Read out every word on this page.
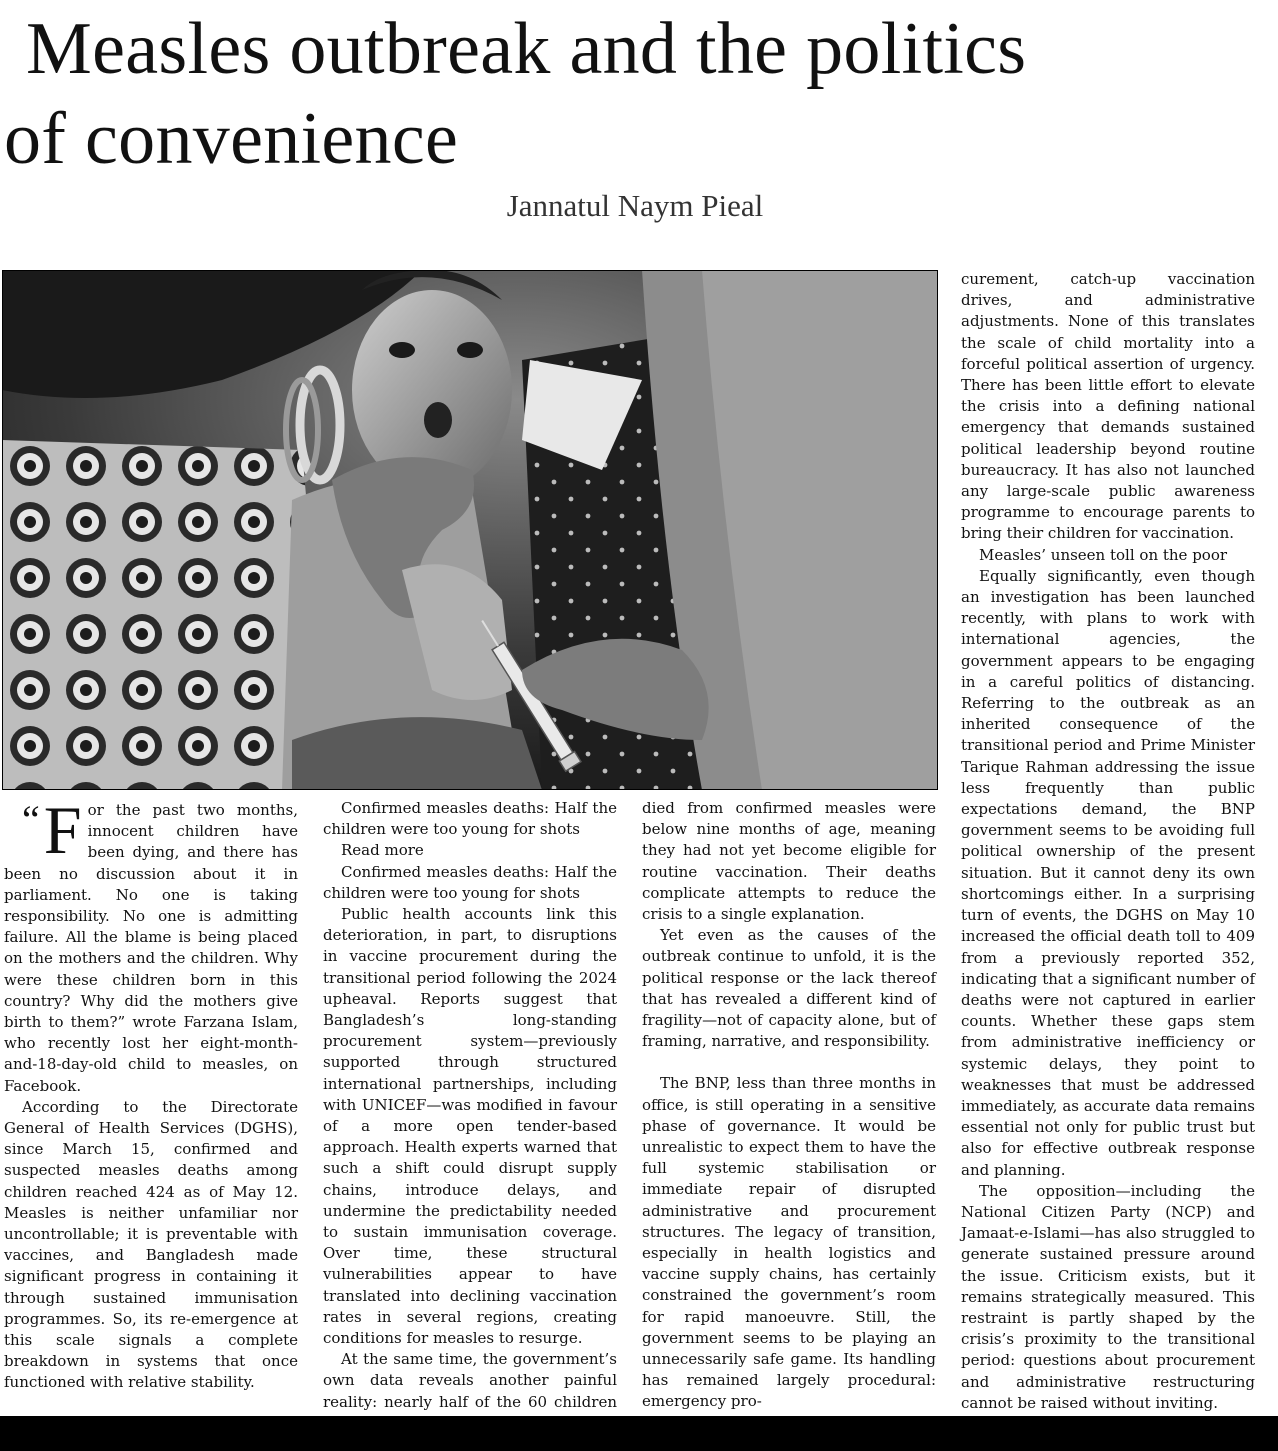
Measles outbreak and the politics
of convenience
Jannatul Naym Pieal

“ F or the past two months, innocent children have been dying, and there has been no discussion about it in parliament. No one is taking responsibility. No one is admitting failure. All the blame is being placed on the mothers and the children. Why were these children born in this country? Why did the mothers give birth to them?” wrote Farzana Islam, who recently lost her eight-month-and-18-day-old child to measles, on Facebook.

According to the Directorate General of Health Services (DGHS), since March 15, confirmed and suspected measles deaths among children reached 424 as of May 12. Measles is neither unfamiliar nor uncontrollable; it is preventable with vaccines, and Bangladesh made significant progress in containing it through sustained immunisation programmes. So, its re-emergence at this scale signals a complete breakdown in systems that once functioned with relative stability.

Confirmed measles deaths: Half the children were too young for shots

Read more

Confirmed measles deaths: Half the children were too young for shots

Public health accounts link this deterioration, in part, to disruptions in vaccine procurement during the transitional period following the 2024 upheaval. Reports suggest that Bangladesh’s long-standing procurement system—previously supported through structured international partnerships, including with UNICEF—was modified in favour of a more open tender-based approach. Health experts warned that such a shift could disrupt supply chains, introduce delays, and undermine the predictability needed to sustain immunisation coverage. Over time, these structural vulnerabilities appear to have translated into declining vaccination rates in several regions, creating conditions for measles to resurge.

At the same time, the government’s own data reveals another painful reality: nearly half of the 60 children

died from confirmed measles were below nine months of age, meaning they had not yet become eligible for routine vaccination. Their deaths complicate attempts to reduce the crisis to a single explanation.

Yet even as the causes of the outbreak continue to unfold, it is the political response or the lack thereof that has revealed a different kind of fragility—not of capacity alone, but of framing, narrative, and responsibility.

The BNP, less than three months in office, is still operating in a sensitive phase of governance. It would be unrealistic to expect them to have the full systemic stabilisation or immediate repair of disrupted administrative and procurement structures. The legacy of transition, especially in health logistics and vaccine supply chains, has certainly constrained the government’s room for rapid manoeuvre. Still, the government seems to be playing an unnecessarily safe game. Its handling has remained largely procedural: emergency pro-

curement, catch-up vaccination drives, and administrative adjustments. None of this translates the scale of child mortality into a forceful political assertion of urgency. There has been little effort to elevate the crisis into a defining national emergency that demands sustained political leadership beyond routine bureaucracy. It has also not launched any large-scale public awareness programme to encourage parents to bring their children for vaccination.

Measles’ unseen toll on the poor

Equally significantly, even though an investigation has been launched recently, with plans to work with international agencies, the government appears to be engaging in a careful politics of distancing. Referring to the outbreak as an inherited consequence of the transitional period and Prime Minister Tarique Rahman addressing the issue less frequently than public expectations demand, the BNP government seems to be avoiding full political ownership of the present situation. But it cannot deny its own shortcomings either. In a surprising turn of events, the DGHS on May 10 increased the official death toll to 409 from a previously reported 352, indicating that a significant number of deaths were not captured in earlier counts. Whether these gaps stem from administrative inefficiency or systemic delays, they point to weaknesses that must be addressed immediately, as accurate data remains essential not only for public trust but also for effective outbreak response and planning.

The opposition—including the National Citizen Party (NCP) and Jamaat-e-Islami—has also struggled to generate sustained pressure around the issue. Criticism exists, but it remains strategically measured. This restraint is partly shaped by the crisis’s proximity to the transitional period: questions about procurement and administrative restructuring cannot be raised without inviting.
